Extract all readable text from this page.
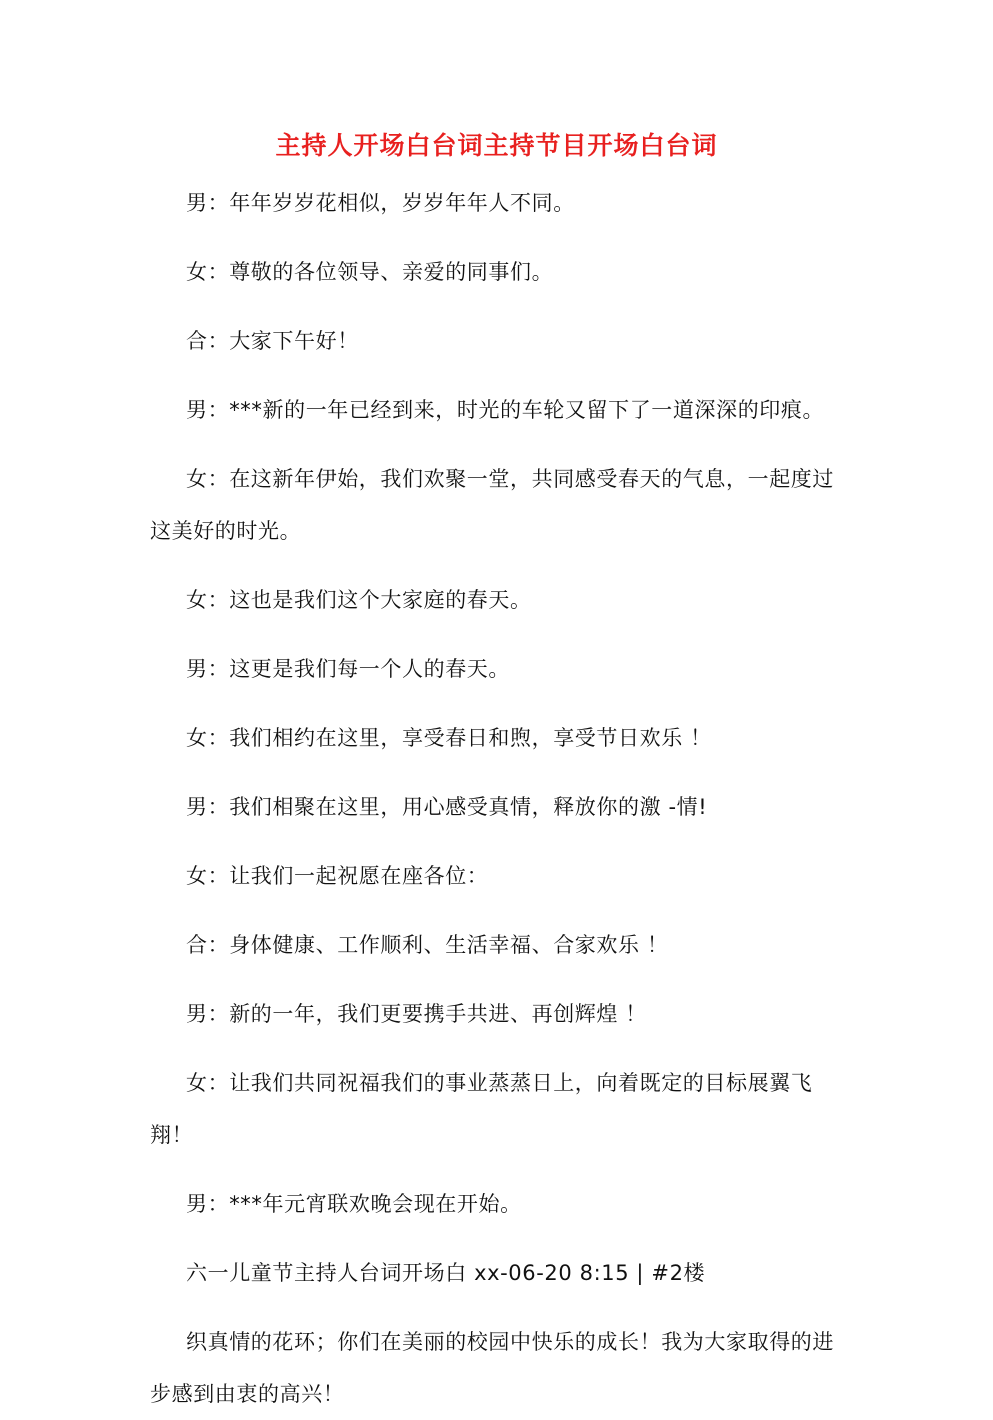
主持人开场白台词主持节目开场白台词

男：年年岁岁花相似，岁岁年年人不同。

女：尊敬的各位领导、亲爱的同事们。

合：大家下午好！

男：***新的一年已经到来，时光的车轮又留下了一道深深的印痕。

女：在这新年伊始，我们欢聚一堂，共同感受春天的气息，一起度过这美好的时光。

女：这也是我们这个大家庭的春天。

男：这更是我们每一个人的春天。

女：我们相约在这里，享受春日和煦，享受节日欢乐 ！

男：我们相聚在这里，用心感受真情，释放你的激 -情!

女：让我们一起祝愿在座各位：

合：身体健康、工作顺利、生活幸福、合家欢乐 ！

男：新的一年，我们更要携手共进、再创辉煌 ！

女：让我们共同祝福我们的事业蒸蒸日上，向着既定的目标展翼飞翔！

男：***年元宵联欢晚会现在开始。

六一儿童节主持人台词开场白 xx-06-20 8:15 | #2楼

织真情的花环；你们在美丽的校园中快乐的成长！我为大家取得的进步感到由衷的高兴！
